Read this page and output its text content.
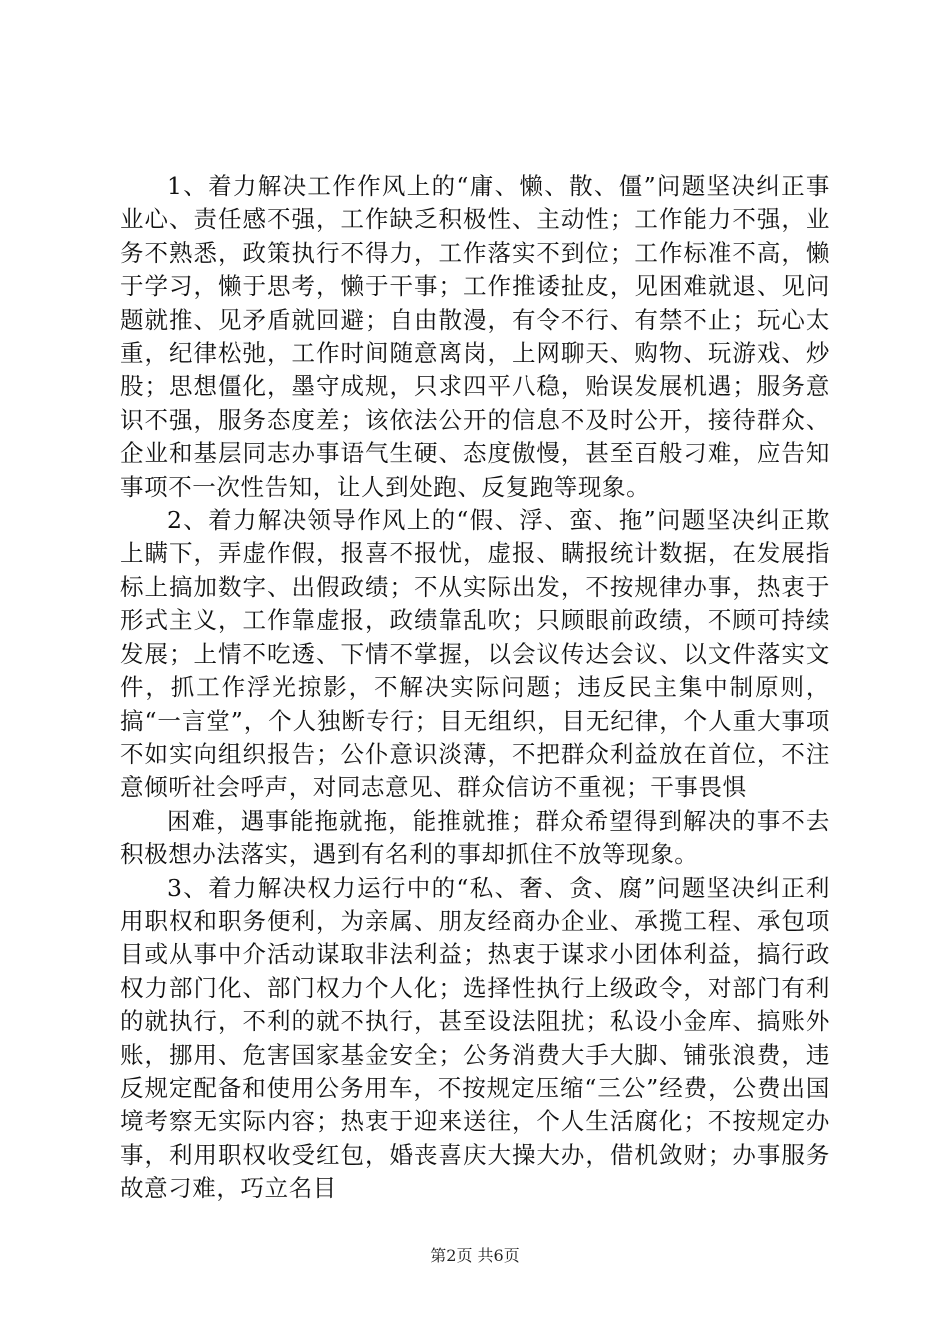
1、着力解决工作作风上的“庸、懒、散、僵”问题坚决纠正事业心、责任感不强，工作缺乏积极性、主动性；工作能力不强，业务不熟悉，政策执行不得力，工作落实不到位；工作标准不高，懒于学习，懒于思考，懒于干事；工作推诿扯皮，见困难就退、见问题就推、见矛盾就回避；自由散漫，有令不行、有禁不止；玩心太重，纪律松弛，工作时间随意离岗，上网聊天、购物、玩游戏、炒股；思想僵化，墨守成规，只求四平八稳，贻误发展机遇；服务意识不强，服务态度差；该依法公开的信息不及时公开，接待群众、企业和基层同志办事语气生硬、态度傲慢，甚至百般刁难，应告知事项不一次性告知，让人到处跑、反复跑等现象。

2、着力解决领导作风上的“假、浮、蛮、拖”问题坚决纠正欺上瞒下，弄虚作假，报喜不报忧，虚报、瞒报统计数据，在发展指标上搞加数字、出假政绩；不从实际出发，不按规律办事，热衷于形式主义，工作靠虚报，政绩靠乱吹；只顾眼前政绩，不顾可持续发展；上情不吃透、下情不掌握，以会议传达会议、以文件落实文件，抓工作浮光掠影，不解决实际问题；违反民主集中制原则，搞“一言堂”，个人独断专行；目无组织，目无纪律，个人重大事项不如实向组织报告；公仆意识淡薄，不把群众利益放在首位，不注意倾听社会呼声，对同志意见、群众信访不重视；干事畏惧

困难，遇事能拖就拖，能推就推；群众希望得到解决的事不去积极想办法落实，遇到有名利的事却抓住不放等现象。

3、着力解决权力运行中的“私、奢、贪、腐”问题坚决纠正利用职权和职务便利，为亲属、朋友经商办企业、承揽工程、承包项目或从事中介活动谋取非法利益；热衷于谋求小团体利益，搞行政权力部门化、部门权力个人化；选择性执行上级政令，对部门有利的就执行，不利的就不执行，甚至设法阻扰；私设小金库、搞账外账，挪用、危害国家基金安全；公务消费大手大脚、铺张浪费，违反规定配备和使用公务用车，不按规定压缩“三公”经费，公费出国境考察无实际内容；热衷于迎来送往，个人生活腐化；不按规定办事，利用职权收受红包，婚丧喜庆大操大办，借机敛财；办事服务故意刁难，巧立名目

第2页 共6页
